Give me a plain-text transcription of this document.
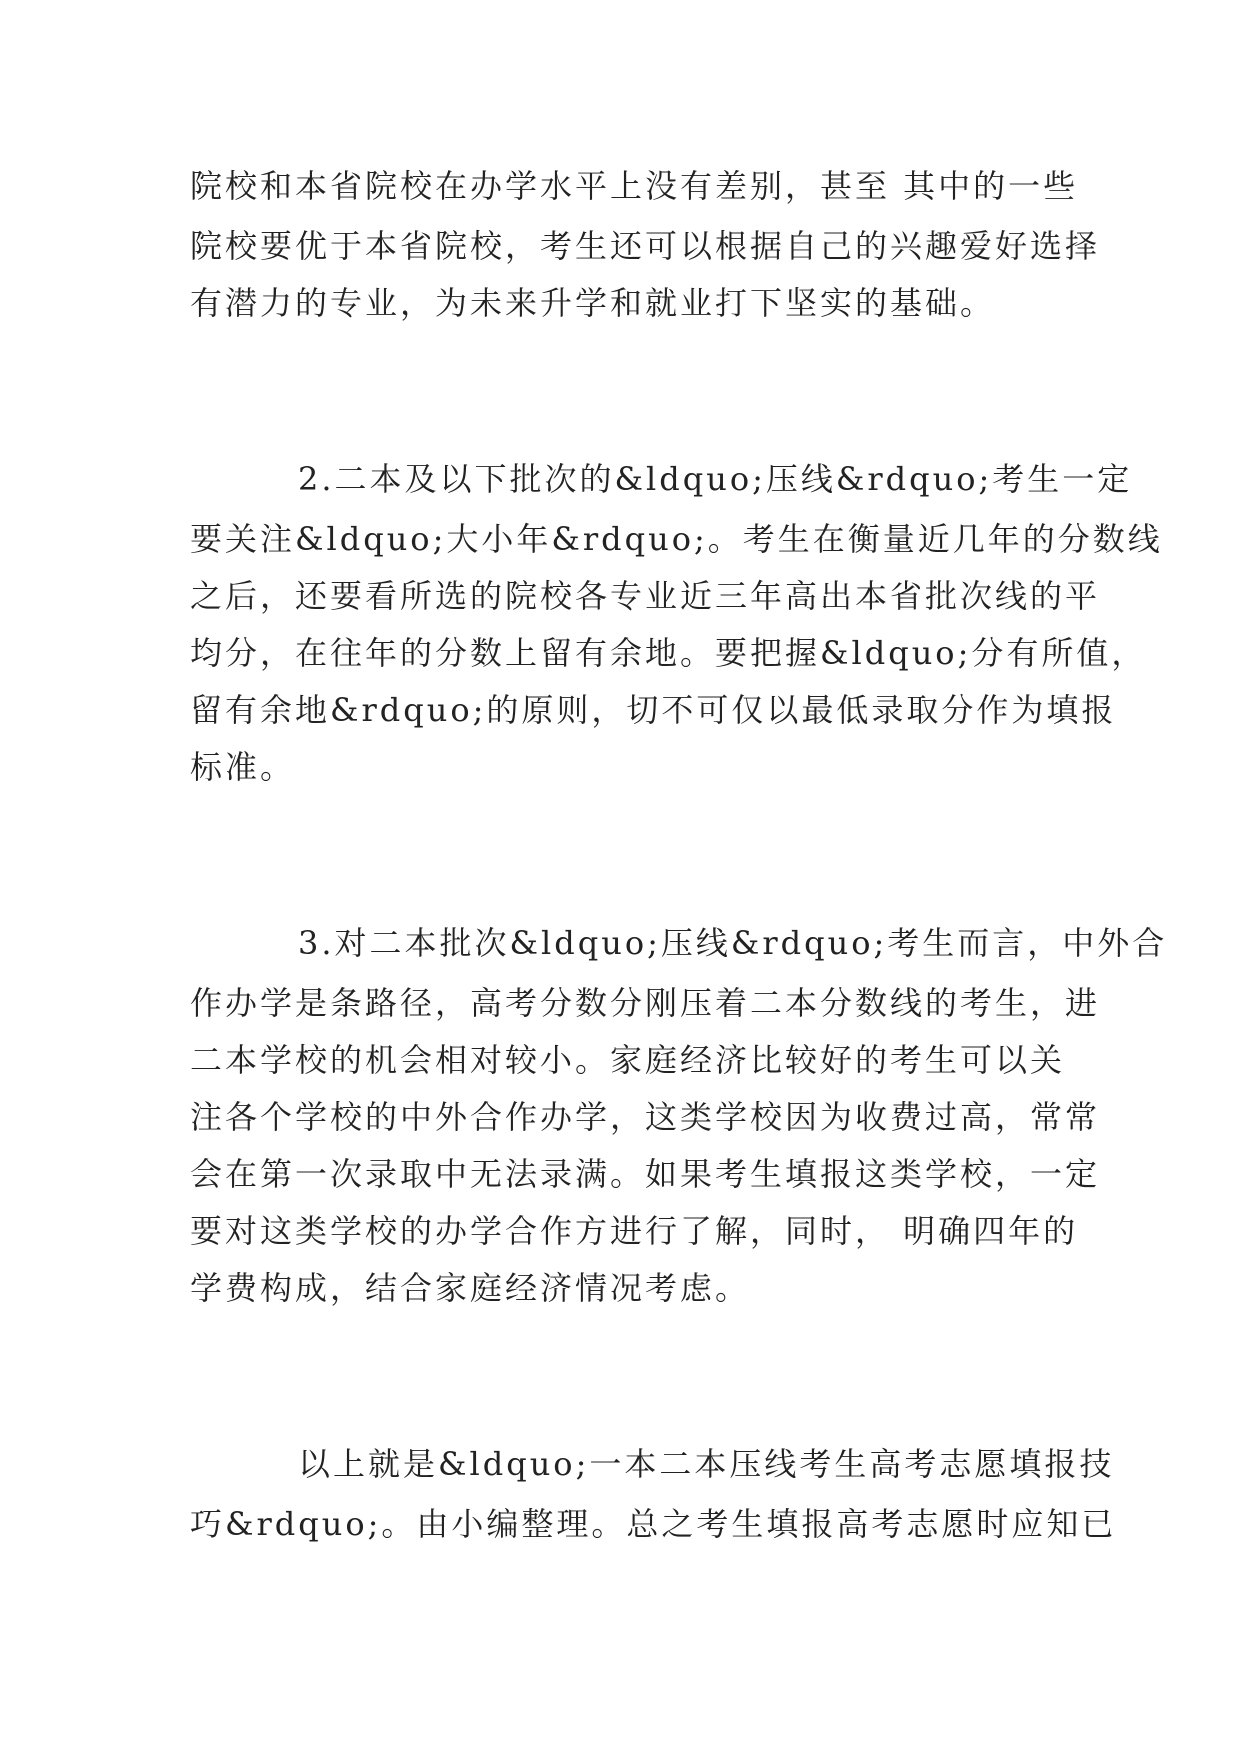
院校和本省院校在办学水平上没有差别，甚至 其中的一些

院校要优于本省院校，考生还可以根据自己的兴趣爱好选择

有潜力的专业，为未来升学和就业打下坚实的基础。

2.二本及以下批次的&ldquo;压线&rdquo;考生一定

要关注&ldquo;大小年&rdquo;。考生在衡量近几年的分数线

之后，还要看所选的院校各专业近三年高出本省批次线的平

均分，在往年的分数上留有余地。要把握&ldquo;分有所值，

留有余地&rdquo;的原则，切不可仅以最低录取分作为填报

标准。

3.对二本批次&ldquo;压线&rdquo;考生而言，中外合

作办学是条路径，高考分数分刚压着二本分数线的考生，进

二本学校的机会相对较小。家庭经济比较好的考生可以关

注各个学校的中外合作办学，这类学校因为收费过高，常常

会在第一次录取中无法录满。如果考生填报这类学校，一定

要对这类学校的办学合作方进行了解，同时， 明确四年的

学费构成，结合家庭经济情况考虑。

以上就是&ldquo;一本二本压线考生高考志愿填报技

巧&rdquo;。由小编整理。总之考生填报高考志愿时应知已
